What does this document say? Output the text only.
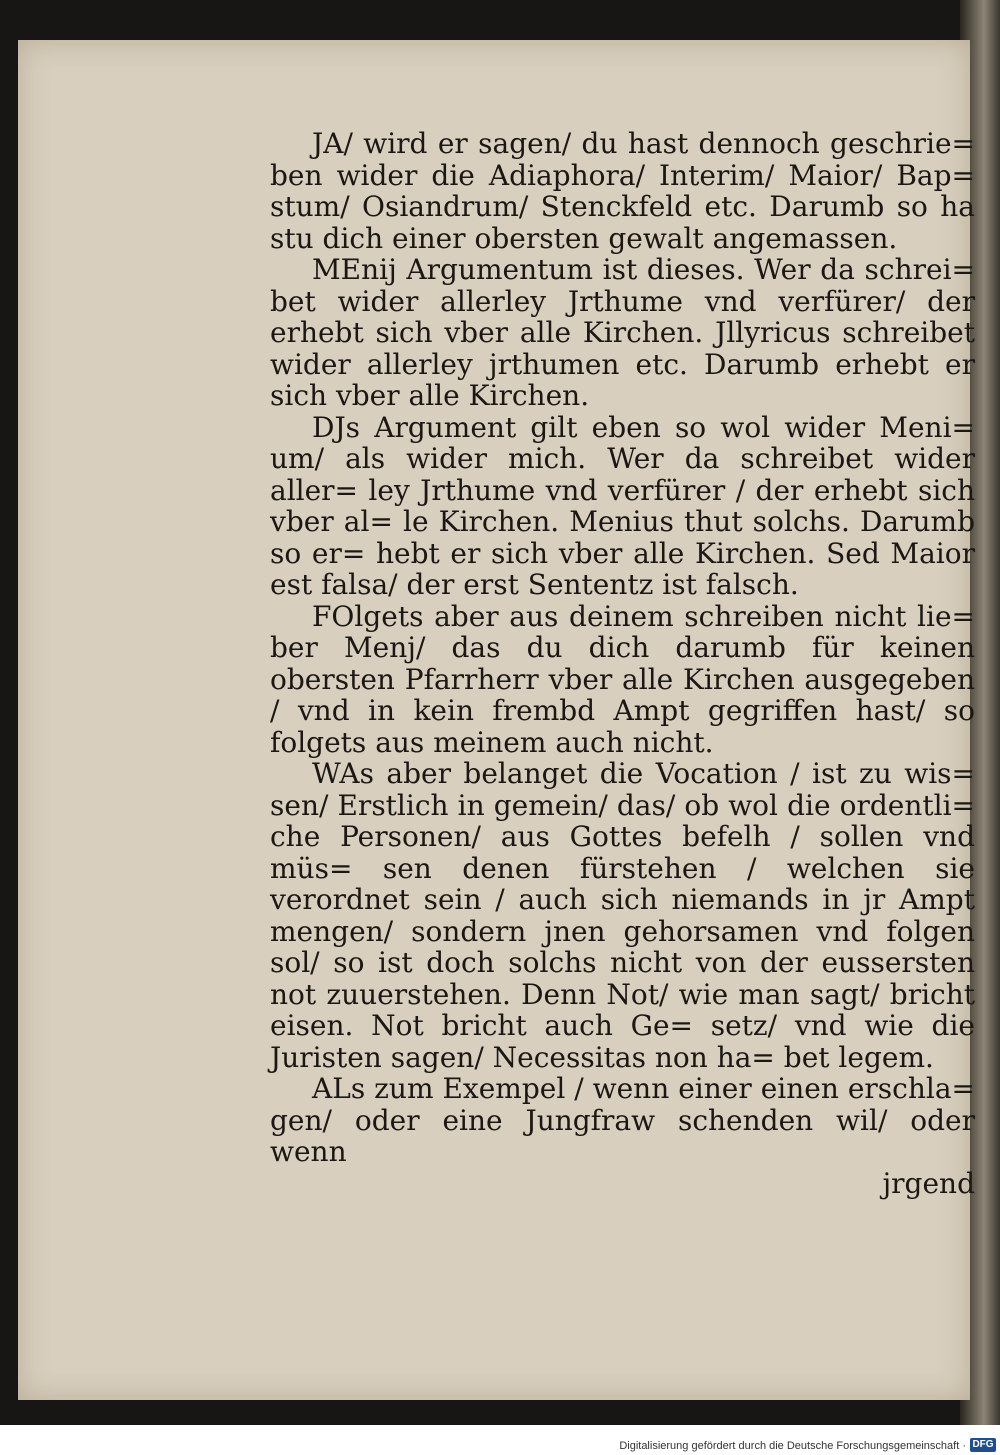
JA/ wird er sagen/ du hast dennoch geschrie= ben wider die Adiaphora/ Interim/ Maior/ Bap= stum/ Osiandrum/ Stenckfeld etc. Darumb so ha stu dich einer obersten gewalt angemassen.

MEnij Argumentum ist dieses. Wer da schrei= bet wider allerley Jrthume vnd verfürer/ der erhebt sich vber alle Kirchen. Jllyricus schreibet wider allerley jrthumen etc. Darumb erhebt er sich vber alle Kirchen.

DJs Argument gilt eben so wol wider Meni= um/ als wider mich. Wer da schreibet wider aller= ley Jrthume vnd verfürer / der erhebt sich vber al= le Kirchen. Menius thut solchs. Darumb so er= hebt er sich vber alle Kirchen. Sed Maior est falsa/ der erst Sententz ist falsch.

FOlgets aber aus deinem schreiben nicht lie= ber Menj/ das du dich darumb für keinen obersten Pfarrherr vber alle Kirchen ausgegeben / vnd in kein frembd Ampt gegriffen hast/ so folgets aus meinem auch nicht.

WAs aber belanget die Vocation / ist zu wis= sen/ Erstlich in gemein/ das/ ob wol die ordentli= che Personen/ aus Gottes befelh / sollen vnd müs= sen denen fürstehen / welchen sie verordnet sein / auch sich niemands in jr Ampt mengen/ sondern jnen gehorsamen vnd folgen sol/ so ist doch solchs nicht von der eussersten not zuuerstehen. Denn Not/ wie man sagt/ bricht eisen. Not bricht auch Ge= setz/ vnd wie die Juristen sagen/ Necessitas non ha= bet legem.

ALs zum Exempel / wenn einer einen erschla= gen/ oder eine Jungfraw schenden wil/ oder wenn

jrgend

Digitalisierung gefördert durch die Deutsche Forschungsgemeinschaft · DFG
